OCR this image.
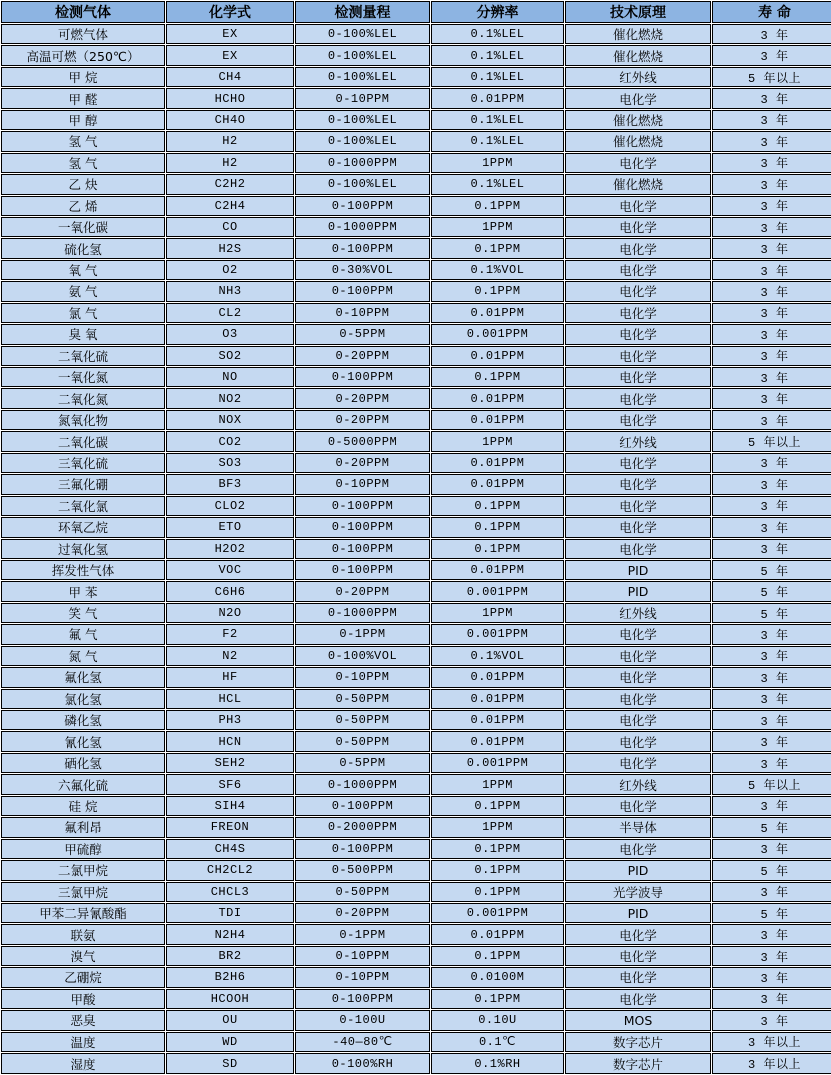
检测气体	化学式	检测量程	分辨率	技术原理	寿 命
可燃气体	EX	0-100%LEL	0.1%LEL	催化燃烧	3 年
高温可燃（250℃）	EX	0-100%LEL	0.1%LEL	催化燃烧	3 年
甲 烷	CH4	0-100%LEL	0.1%LEL	红外线	5 年以上
甲 醛	HCHO	0-10PPM	0.01PPM	电化学	3 年
甲 醇	CH4O	0-100%LEL	0.1%LEL	催化燃烧	3 年
氢 气	H2	0-100%LEL	0.1%LEL	催化燃烧	3 年
氢 气	H2	0-1000PPM	1PPM	电化学	3 年
乙 炔	C2H2	0-100%LEL	0.1%LEL	催化燃烧	3 年
乙 烯	C2H4	0-100PPM	0.1PPM	电化学	3 年
一氧化碳	CO	0-1000PPM	1PPM	电化学	3 年
硫化氢	H2S	0-100PPM	0.1PPM	电化学	3 年
氧 气	O2	0-30%VOL	0.1%VOL	电化学	3 年
氨 气	NH3	0-100PPM	0.1PPM	电化学	3 年
氯 气	CL2	0-10PPM	0.01PPM	电化学	3 年
臭 氧	O3	0-5PPM	0.001PPM	电化学	3 年
二氧化硫	SO2	0-20PPM	0.01PPM	电化学	3 年
一氧化氮	NO	0-100PPM	0.1PPM	电化学	3 年
二氧化氮	NO2	0-20PPM	0.01PPM	电化学	3 年
氮氧化物	NOX	0-20PPM	0.01PPM	电化学	3 年
二氧化碳	CO2	0-5000PPM	1PPM	红外线	5 年以上
三氧化硫	SO3	0-20PPM	0.01PPM	电化学	3 年
三氟化硼	BF3	0-10PPM	0.01PPM	电化学	3 年
二氧化氯	CLO2	0-100PPM	0.1PPM	电化学	3 年
环氧乙烷	ETO	0-100PPM	0.1PPM	电化学	3 年
过氧化氢	H2O2	0-100PPM	0.1PPM	电化学	3 年
挥发性气体	VOC	0-100PPM	0.01PPM	PID	5 年
甲 苯	C6H6	0-20PPM	0.001PPM	PID	5 年
笑 气	N2O	0-1000PPM	1PPM	红外线	5 年
氟 气	F2	0-1PPM	0.001PPM	电化学	3 年
氮 气	N2	0-100%VOL	0.1%VOL	电化学	3 年
氟化氢	HF	0-10PPM	0.01PPM	电化学	3 年
氯化氢	HCL	0-50PPM	0.01PPM	电化学	3 年
磷化氢	PH3	0-50PPM	0.01PPM	电化学	3 年
氰化氢	HCN	0-50PPM	0.01PPM	电化学	3 年
硒化氢	SEH2	0-5PPM	0.001PPM	电化学	3 年
六氟化硫	SF6	0-1000PPM	1PPM	红外线	5 年以上
硅 烷	SIH4	0-100PPM	0.1PPM	电化学	3 年
氟利昂	FREON	0-2000PPM	1PPM	半导体	5 年
甲硫醇	CH4S	0-100PPM	0.1PPM	电化学	3 年
二氯甲烷	CH2CL2	0-500PPM	0.1PPM	PID	5 年
三氯甲烷	CHCL3	0-50PPM	0.1PPM	光学波导	3 年
甲苯二异氰酸酯	TDI	0-20PPM	0.001PPM	PID	5 年
联氨	N2H4	0-1PPM	0.01PPM	电化学	3 年
溴气	BR2	0-10PPM	0.1PPM	电化学	3 年
乙硼烷	B2H6	0-10PPM	0.0100M	电化学	3 年
甲酸	HCOOH	0-100PPM	0.1PPM	电化学	3 年
恶臭	OU	0-100U	0.10U	MOS	3 年
温度	WD	-40—80℃	0.1℃	数字芯片	3 年以上
湿度	SD	0-100%RH	0.1%RH	数字芯片	3 年以上
